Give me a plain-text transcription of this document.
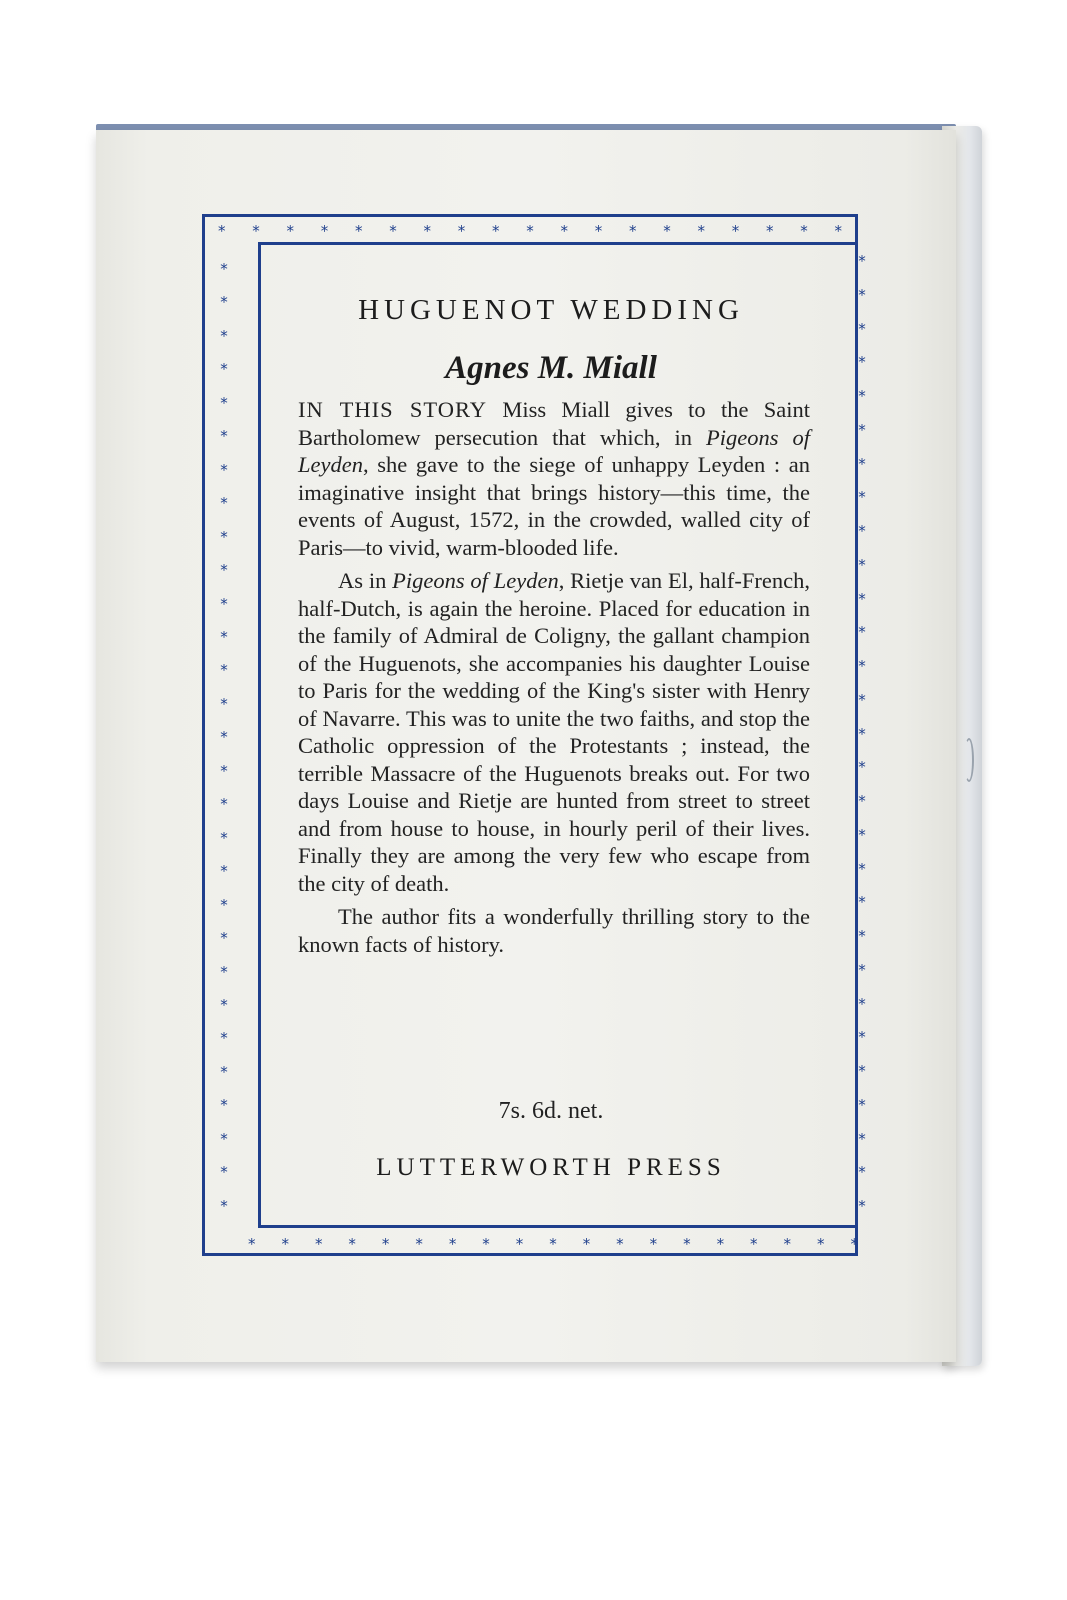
* * * * * * * * * * * * * * * * * * *
* * * * * * * * * * * * * * * * * * *
*
*
*
*
*
*
*
*
*
*
*
*
*
*
*
*
*
*
*
*
*
*
*
*
*
*
*
*
*
*
*
*
*
*
*
*
*
*
*
*
*
*
*
*
*
*
*
*
*
*
*
*
*
*
*
*
*
*
HUGUENOT WEDDING
Agnes M. Miall

IN THIS STORY Miss Miall gives to the Saint Bartholomew persecution that which, in Pigeons of Leyden, she gave to the siege of unhappy Leyden : an imaginative insight that brings history—this time, the events of August, 1572, in the crowded, walled city of Paris—to vivid, warm-blooded life.

As in Pigeons of Leyden, Rietje van El, half-French, half-Dutch, is again the heroine. Placed for education in the family of Admiral de Coligny, the gallant champion of the Huguenots, she accompanies his daughter Louise to Paris for the wedding of the King's sister with Henry of Navarre. This was to unite the two faiths, and stop the Catholic oppression of the Protestants ; instead, the terrible Massacre of the Huguenots breaks out. For two days Louise and Rietje are hunted from street to street and from house to house, in hourly peril of their lives. Finally they are among the very few who escape from the city of death.

The author fits a wonderfully thrilling story to the known facts of history.

7s. 6d. net.
LUTTERWORTH PRESS
